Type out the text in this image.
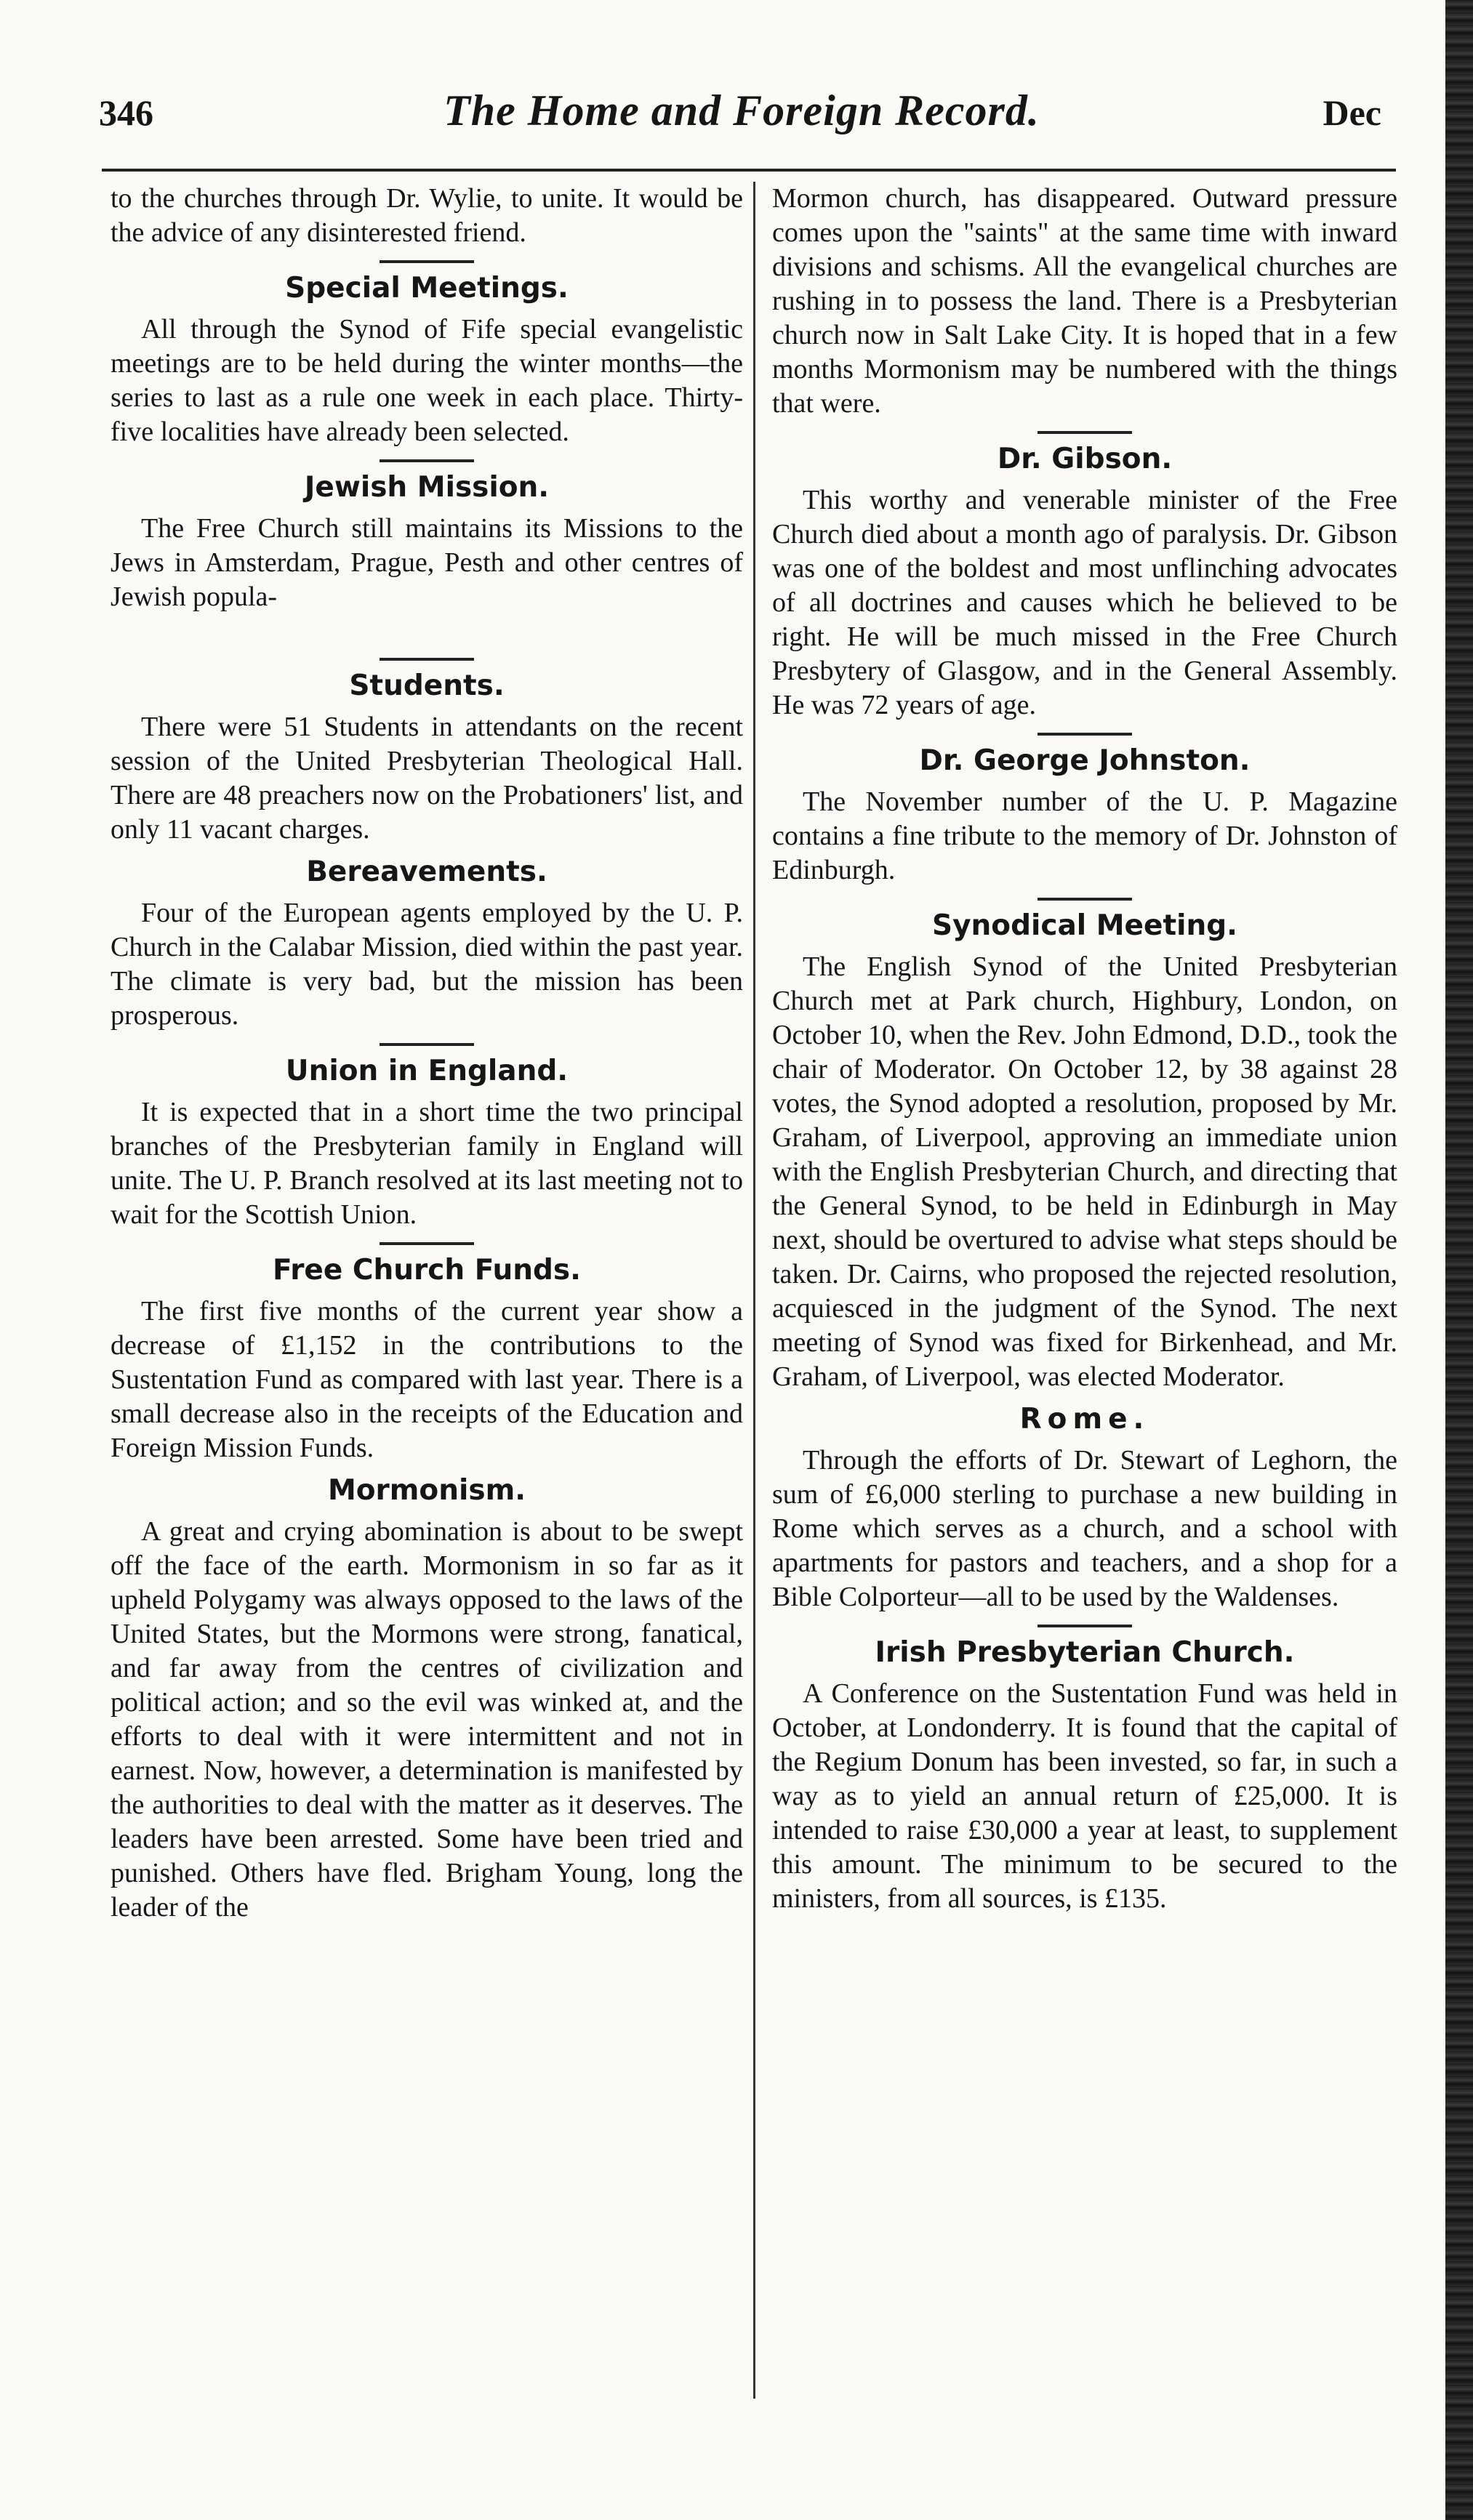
346	The Home and Foreign Record.	Dec

to the churches through Dr. Wylie, to unite. It would be the advice of any disinterested friend.

Special Meetings.

All through the Synod of Fife special evangelistic meetings are to be held during the winter months—the series to last as a rule one week in each place. Thirty-five localities have already been selected.

Jewish Mission.

The Free Church still maintains its Missions to the Jews in Amsterdam, Prague, Pesth and other centres of Jewish popula-

Students.

There were 51 Students in attendants on the recent session of the United Presbyterian Theological Hall. There are 48 preachers now on the Probationers' list, and only 11 vacant charges.

Bereavements.

Four of the European agents employed by the U. P. Church in the Calabar Mission, died within the past year. The climate is very bad, but the mission has been prosperous.

Union in England.

It is expected that in a short time the two principal branches of the Presbyterian family in England will unite. The U. P. Branch resolved at its last meeting not to wait for the Scottish Union.

Free Church Funds.

The first five months of the current year show a decrease of £1,152 in the contributions to the Sustentation Fund as compared with last year. There is a small decrease also in the receipts of the Education and Foreign Mission Funds.

Mormonism.

A great and crying abomination is about to be swept off the face of the earth. Mormonism in so far as it upheld Polygamy was always opposed to the laws of the United States, but the Mormons were strong, fanatical, and far away from the centres of civilization and political action; and so the evil was winked at, and the efforts to deal with it were intermittent and not in earnest. Now, however, a determination is manifested by the authorities to deal with the matter as it deserves. The leaders have been arrested. Some have been tried and punished. Others have fled. Brigham Young, long the leader of the

Mormon church, has disappeared. Outward pressure comes upon the "saints" at the same time with inward divisions and schisms. All the evangelical churches are rushing in to possess the land. There is a Presbyterian church now in Salt Lake City. It is hoped that in a few months Mormonism may be numbered with the things that were.

Dr. Gibson.

This worthy and venerable minister of the Free Church died about a month ago of paralysis. Dr. Gibson was one of the boldest and most unflinching advocates of all doctrines and causes which he believed to be right. He will be much missed in the Free Church Presbytery of Glasgow, and in the General Assembly. He was 72 years of age.

Dr. George Johnston.

The November number of the U. P. Magazine contains a fine tribute to the memory of Dr. Johnston of Edinburgh.

Synodical Meeting.

The English Synod of the United Presbyterian Church met at Park church, Highbury, London, on October 10, when the Rev. John Edmond, D.D., took the chair of Moderator. On October 12, by 38 against 28 votes, the Synod adopted a resolution, proposed by Mr. Graham, of Liverpool, approving an immediate union with the English Presbyterian Church, and directing that the General Synod, to be held in Edinburgh in May next, should be overtured to advise what steps should be taken. Dr. Cairns, who proposed the rejected resolution, acquiesced in the judgment of the Synod. The next meeting of Synod was fixed for Birkenhead, and Mr. Graham, of Liverpool, was elected Moderator.

Rome.

Through the efforts of Dr. Stewart of Leghorn, the sum of £6,000 sterling to purchase a new building in Rome which serves as a church, and a school with apartments for pastors and teachers, and a shop for a Bible Colporteur—all to be used by the Waldenses.

Irish Presbyterian Church.

A Conference on the Sustentation Fund was held in October, at Londonderry. It is found that the capital of the Regium Donum has been invested, so far, in such a way as to yield an annual return of £25,000. It is intended to raise £30,000 a year at least, to supplement this amount. The minimum to be secured to the ministers, from all sources, is £135.
